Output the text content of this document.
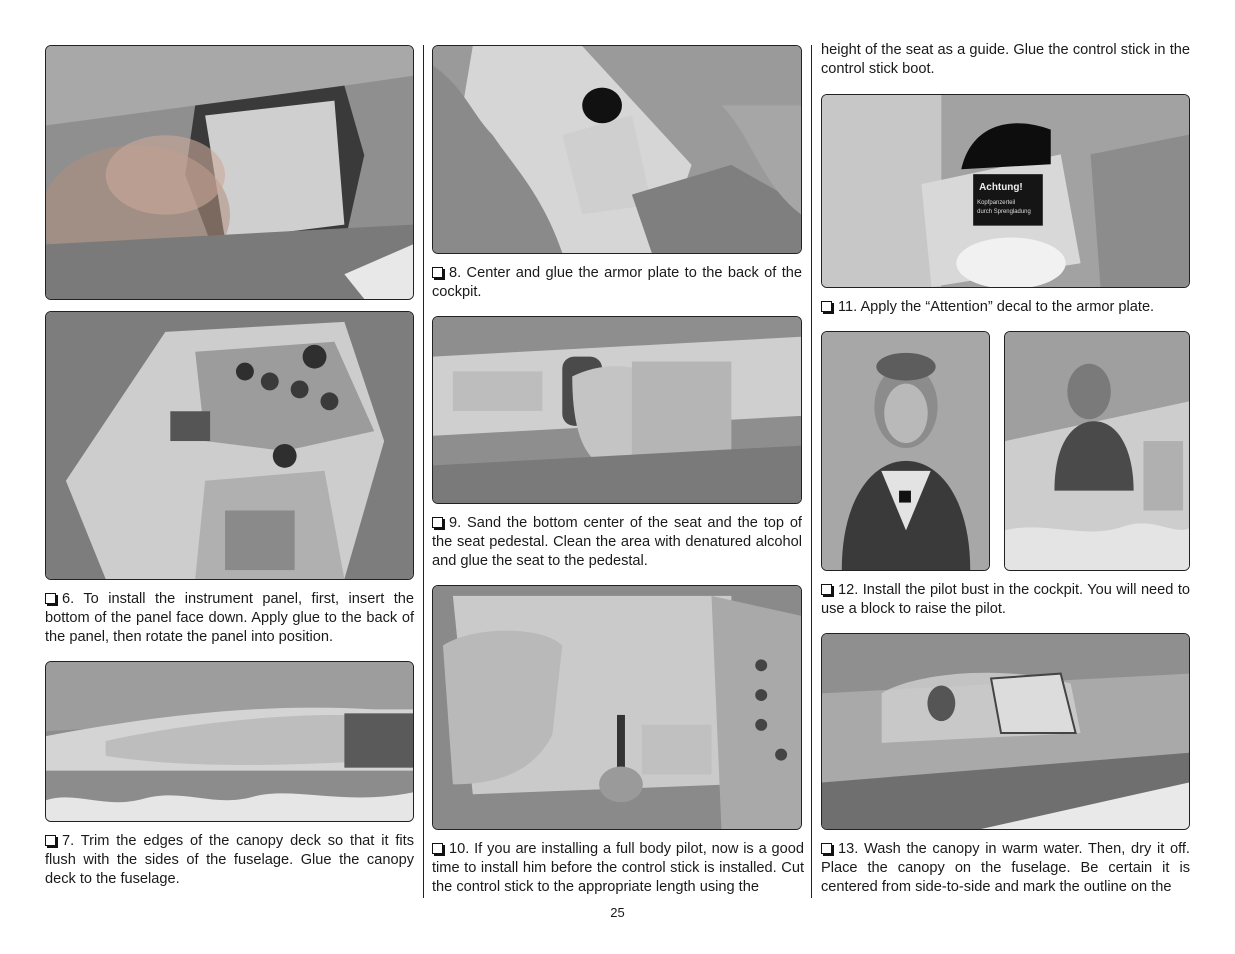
6. To install the instrument panel, first, insert the bottom of the panel face down. Apply glue to the back of the panel, then rotate the panel into position.

7. Trim the edges of the canopy deck so that it fits flush with the sides of the fuselage. Glue the canopy deck to the fuselage.

8. Center and glue the armor plate to the back of the cockpit.

9. Sand the bottom center of the seat and the top of the seat pedestal. Clean the area with denatured alcohol and glue the seat to the pedestal.

10. If you are installing a full body pilot, now is a good time to install him before the control stick is installed. Cut the control stick to the appropriate length using the

height of the seat as a guide. Glue the control stick in the control stick boot.

Achtung!
Kopfpanzerteil
durch Sprengladung

11. Apply the “Attention” decal to the armor plate.

12. Install the pilot bust in the cockpit. You will need to use a block to raise the pilot.

13. Wash the canopy in warm water. Then, dry it off. Place the canopy on the fuselage. Be certain it is centered from side-to-side and mark the outline on the

25
